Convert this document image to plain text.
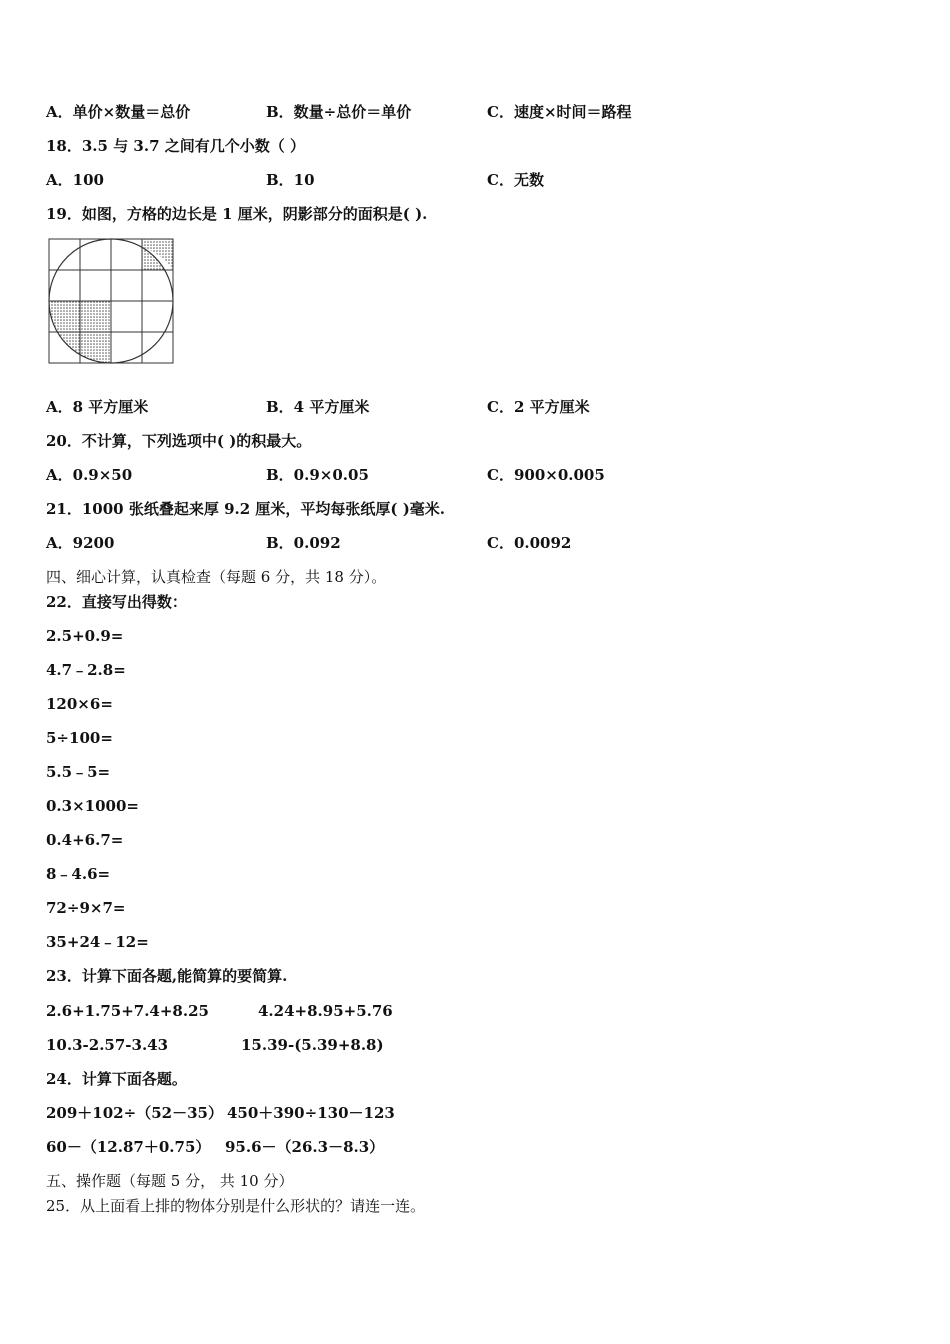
A．单价×数量＝总价	B．数量÷总价＝单价	C．速度×时间＝路程
18．3.5 与 3.7 之间有几个小数（ ）
A．100	B．10	C．无数
19．如图，方格的边长是 1 厘米，阴影部分的面积是( ).
A．8 平方厘米	B．4 平方厘米	C．2 平方厘米
20．不计算，下列选项中( )的积最大。
A．0.9×50	B．0.9×0.05	C．900×0.005
21．1000 张纸叠起来厚 9.2 厘米，平均每张纸厚( )毫米.
A．9200	B．0.092	C．0.0092
四、细心计算，认真检查（每题 6 分，共 18 分）。
22．直接写出得数：
2.5+0.9=
4.7﹣2.8=
120×6=
5÷100=
5.5﹣5=
0.3×1000=
0.4+6.7=
8﹣4.6=
72÷9×7=
35+24﹣12=
23．计算下面各题,能简算的要简算.
2.6+1.75+7.4+8.25	4.24+8.95+5.76
10.3-2.57-3.43	15.39-(5.39+8.8)
24．计算下面各题。
209＋102÷（52－35） 450＋390÷130－123
60－（12.87＋0.75） 95.6－（26.3－8.3）
五、操作题（每题 5 分， 共 10 分）
25．从上面看上排的物体分别是什么形状的？请连一连。
